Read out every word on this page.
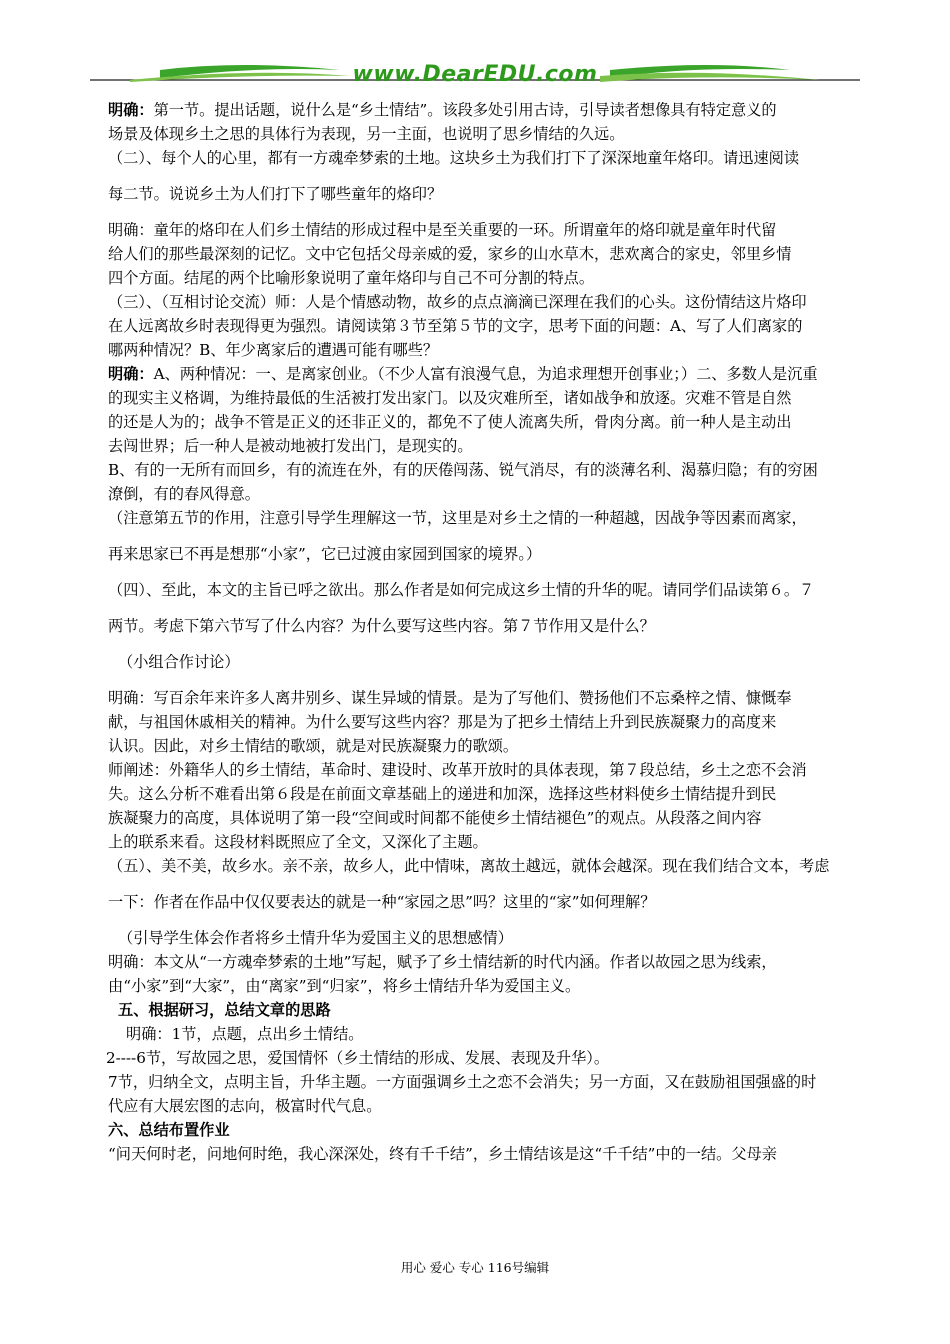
www.DearEDU.com
明确：第一节。提出话题，说什么是“乡土情结”。该段多处引用古诗，引导读者想像具有特定意义的
场景及体现乡土之思的具体行为表现，另一主面，也说明了思乡情结的久远。
（二）、每个人的心里，都有一方魂牵梦索的土地。这块乡土为我们打下了深深地童年烙印。请迅速阅读
每二节。说说乡土为人们打下了哪些童年的烙印？
明确：童年的烙印在人们乡土情结的形成过程中是至关重要的一环。所谓童年的烙印就是童年时代留
给人们的那些最深刻的记忆。文中它包括父母亲威的爱，家乡的山水草木，悲欢离合的家史，邻里乡情
四个方面。结尾的两个比喻形象说明了童年烙印与自己不可分割的特点。
（三）、（互相讨论交流）师：人是个情感动物，故乡的点点滴滴已深理在我们的心头。这份情结这片烙印
在人远离故乡时表现得更为强烈。请阅读第３节至第５节的文字，思考下面的问题：A、写了人们离家的
哪两种情况？B、年少离家后的遭遇可能有哪些？
明确：A、两种情况：一、是离家创业。（不少人富有浪漫气息，为追求理想开创事业；）二、多数人是沉重
的现实主义格调，为维持最低的生活被打发出家门。以及灾难所至，诸如战争和放逐。灾难不管是自然
的还是人为的；战争不管是正义的还非正义的，都免不了使人流离失所，骨肉分离。前一种人是主动出
去闯世界；后一种人是被动地被打发出门，是现实的。
B、有的一无所有而回乡，有的流连在外，有的厌倦闯荡、锐气消尽，有的淡薄名利、渴慕归隐；有的穷困
潦倒，有的春风得意。
（注意第五节的作用，注意引导学生理解这一节，这里是对乡土之情的一种超越，因战争等因素而离家，
再来思家已不再是想那“小家”，它已过渡由家园到国家的境界。）
（四）、至此，本文的主旨已呼之欲出。那么作者是如何完成这乡土情的升华的呢。请同学们品读第６。７
两节。考虑下第六节写了什么内容？为什么要写这些内容。第７节作用又是什么？
（小组合作讨论）
明确：写百余年来许多人离井别乡、谋生异域的情景。是为了写他们、赞扬他们不忘桑梓之情、慷慨奉
献，与祖国休戚相关的精神。为什么要写这些内容？那是为了把乡土情结上升到民族凝聚力的高度来
认识。因此，对乡土情结的歌颂，就是对民族凝聚力的歌颂。
师阐述：外籍华人的乡土情结，革命时、建设时、改革开放时的具体表现，第７段总结，乡土之恋不会消
失。这么分析不难看出第６段是在前面文章基础上的递进和加深，选择这些材料使乡土情结提升到民
族凝聚力的高度，具体说明了第一段“空间或时间都不能使乡土情结褪色”的观点。从段落之间内容
上的联系来看。这段材料既照应了全文，又深化了主题。
（五）、美不美，故乡水。亲不亲，故乡人，此中情味，离故土越远，就体会越深。现在我们结合文本，考虑
一下：作者在作品中仅仅要表达的就是一种“家园之思”吗？这里的“家”如何理解？
（引导学生体会作者将乡土情升华为爱国主义的思想感情）
明确：本文从“一方魂牵梦索的土地”写起，赋予了乡土情结新的时代内涵。作者以故园之思为线索，
由“小家”到“大家”，由“离家”到“归家”，将乡土情结升华为爱国主义。
五、根据研习，总结文章的思路
明确：1节，点题，点出乡土情结。
2----6节，写故园之思，爱国情怀（乡土情结的形成、发展、表现及升华）。
7节，归纳全文，点明主旨，升华主题。一方面强调乡土之恋不会消失；另一方面，又在鼓励祖国强盛的时
代应有大展宏图的志向，极富时代气息。
六、总结布置作业
“问天何时老，问地何时绝，我心深深处，终有千千结”，乡土情结该是这“千千结”中的一结。父母亲
用心 爱心 专心 116号编辑
